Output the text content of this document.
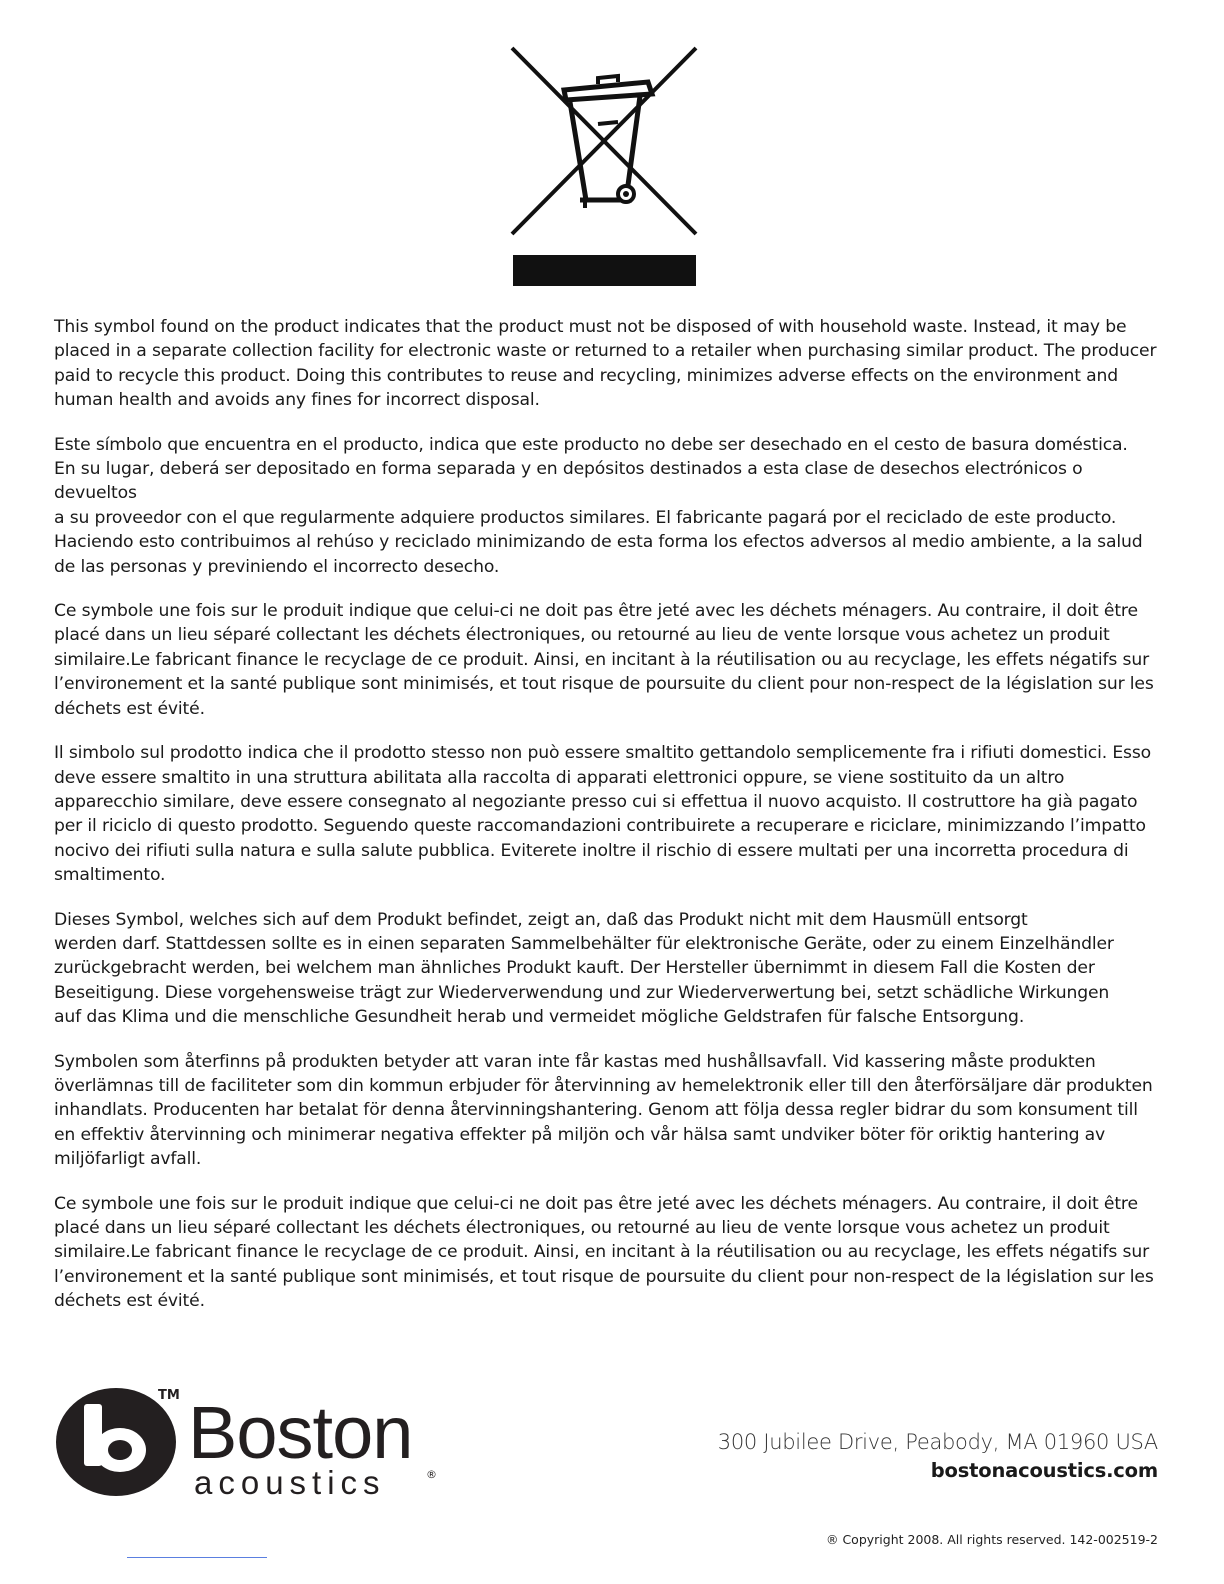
This symbol found on the product indicates that the product must not be disposed of with household waste. Instead, it may be
placed in a separate collection facility for electronic waste or returned to a retailer when purchasing similar product. The producer
paid to recycle this product. Doing this contributes to reuse and recycling, minimizes adverse effects on the environment and
human health and avoids any fines for incorrect disposal.

Este símbolo que encuentra en el producto, indica que este producto no debe ser desechado en el cesto de basura doméstica.
En su lugar, deberá ser depositado en forma separada y en depósitos destinados a esta clase de desechos electrónicos o devueltos
a su proveedor con el que regularmente adquiere productos similares. El fabricante pagará por el reciclado de este producto.
Haciendo esto contribuimos al rehúso y reciclado minimizando de esta forma los efectos adversos al medio ambiente, a la salud
de las personas y previniendo el incorrecto desecho.

Ce symbole une fois sur le produit indique que celui-ci ne doit pas être jeté avec les déchets ménagers. Au contraire, il doit être
placé dans un lieu séparé collectant les déchets électroniques, ou retourné au lieu de vente lorsque vous achetez un produit
similaire.Le fabricant finance le recyclage de ce produit. Ainsi, en incitant à la réutilisation ou au recyclage, les effets négatifs sur
l’environement et la santé publique sont minimisés, et tout risque de poursuite du client pour non-respect de la législation sur les
déchets est évité.

Il simbolo sul prodotto indica che il prodotto stesso non può essere smaltito gettandolo semplicemente fra i rifiuti domestici. Esso
deve essere smaltito in una struttura abilitata alla raccolta di apparati elettronici oppure, se viene sostituito da un altro
apparecchio similare, deve essere consegnato al negoziante presso cui si effettua il nuovo acquisto. Il costruttore ha già pagato
per il riciclo di questo prodotto. Seguendo queste raccomandazioni contribuirete a recuperare e riciclare, minimizzando l’impatto
nocivo dei rifiuti sulla natura e sulla salute pubblica. Eviterete inoltre il rischio di essere multati per una incorretta procedura di
smaltimento.

Dieses Symbol, welches sich auf dem Produkt befindet, zeigt an, daß das Produkt nicht mit dem Hausmüll entsorgt
werden darf. Stattdessen sollte es in einen separaten Sammelbehälter für elektronische Geräte, oder zu einem Einzelhändler
zurückgebracht werden, bei welchem man ähnliches Produkt kauft. Der Hersteller übernimmt in diesem Fall die Kosten der
Beseitigung. Diese vorgehensweise trägt zur Wiederverwendung und zur Wiederverwertung bei, setzt schädliche Wirkungen
auf das Klima und die menschliche Gesundheit herab und vermeidet mögliche Geldstrafen für falsche Entsorgung.

Symbolen som återfinns på produkten betyder att varan inte får kastas med hushållsavfall. Vid kassering måste produkten
överlämnas till de faciliteter som din kommun erbjuder för återvinning av hemelektronik eller till den återförsäljare där produkten
inhandlats. Producenten har betalat för denna återvinningshantering. Genom att följa dessa regler bidrar du som konsument till
en effektiv återvinning och minimerar negativa effekter på miljön och vår hälsa samt undviker böter för oriktig hantering av
miljöfarligt avfall.

Ce symbole une fois sur le produit indique que celui-ci ne doit pas être jeté avec les déchets ménagers. Au contraire, il doit être
placé dans un lieu séparé collectant les déchets électroniques, ou retourné au lieu de vente lorsque vous achetez un produit
similaire.Le fabricant finance le recyclage de ce produit. Ainsi, en incitant à la réutilisation ou au recyclage, les effets négatifs sur
l’environement et la santé publique sont minimisés, et tout risque de poursuite du client pour non-respect de la législation sur les
déchets est évité.

TM Boston
acoustics	®
300 Jubilee Drive, Peabody, MA 01960 USA
bostonacoustics.com
® Copyright 2008. All rights reserved. 142-002519-2
